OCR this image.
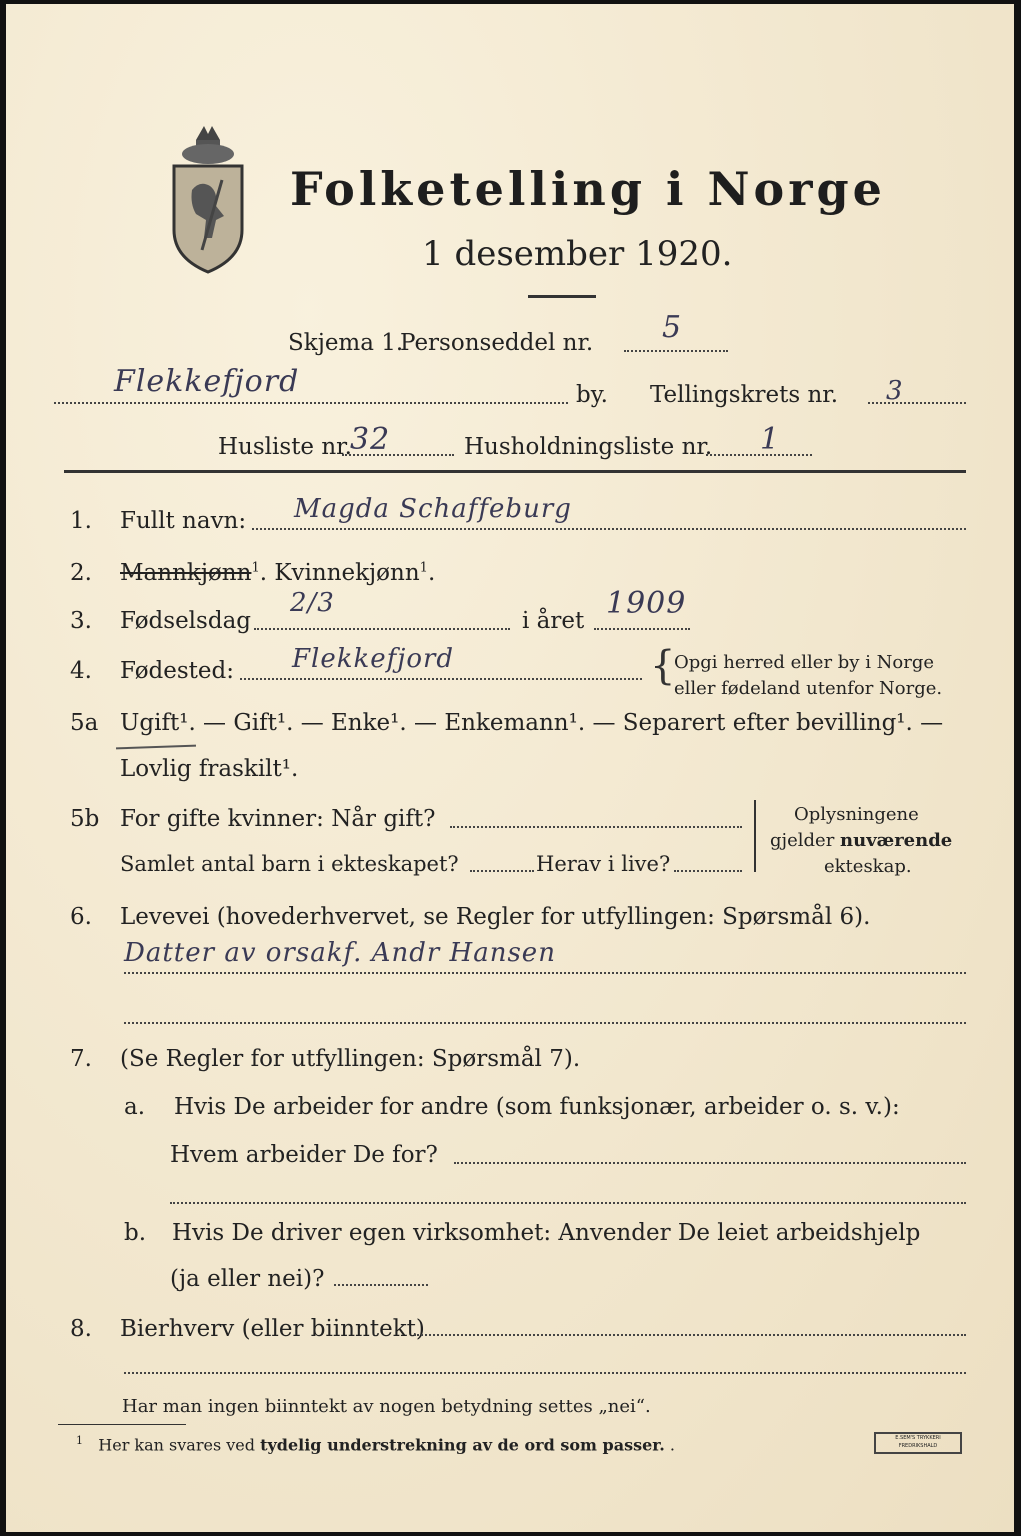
Folketelling i Norge
1 desember 1920.
Skjema 1.
Personseddel nr. 5
Flekkefjord	by. Tellingskrets nr. 3
Husliste nr.
32	Husholdningsliste nr. 1
1. Fullt navn: Magda Schaffeburg
2. Mannkjønn$^1$. Kvinnekjønn$^1$.
3. Fødselsdag
2/3
i året 1909
4. Fødested: Flekkefjord	{
Opgi herred eller by i Norge
eller fødeland utenfor Norge.
5a Ugift¹. — Gift¹. — Enke¹. — Enkemann¹. — Separert efter bevilling¹. —
Lovlig fraskilt¹.
5b For gifte kvinner: Når gift?
Samlet antal barn i ekteskapet?	Herav i live?
Oplysningene
gjelder nuværende
ekteskap.
6. Levevei (hovederhvervet, se Regler for utfyllingen: Spørsmål 6).
Datter av orsakf. Andr Hansen
7. (Se Regler for utfyllingen: Spørsmål 7).
a. Hvis De arbeider for andre (som funksjonær, arbeider o. s. v.):
Hvem arbeider De for?
b. Hvis De driver egen virksomhet: Anvender De leiet arbeidshjelp
(ja eller nei)?
8. Bierhverv (eller biinntekt)
Har man ingen biinntekt av nogen betydning settes „nei“.
$^1$ Her kan svares ved tydelig understrekning av de ord som passer. .	E.SEM'S TRYKKERI FREDRIKSHALD
